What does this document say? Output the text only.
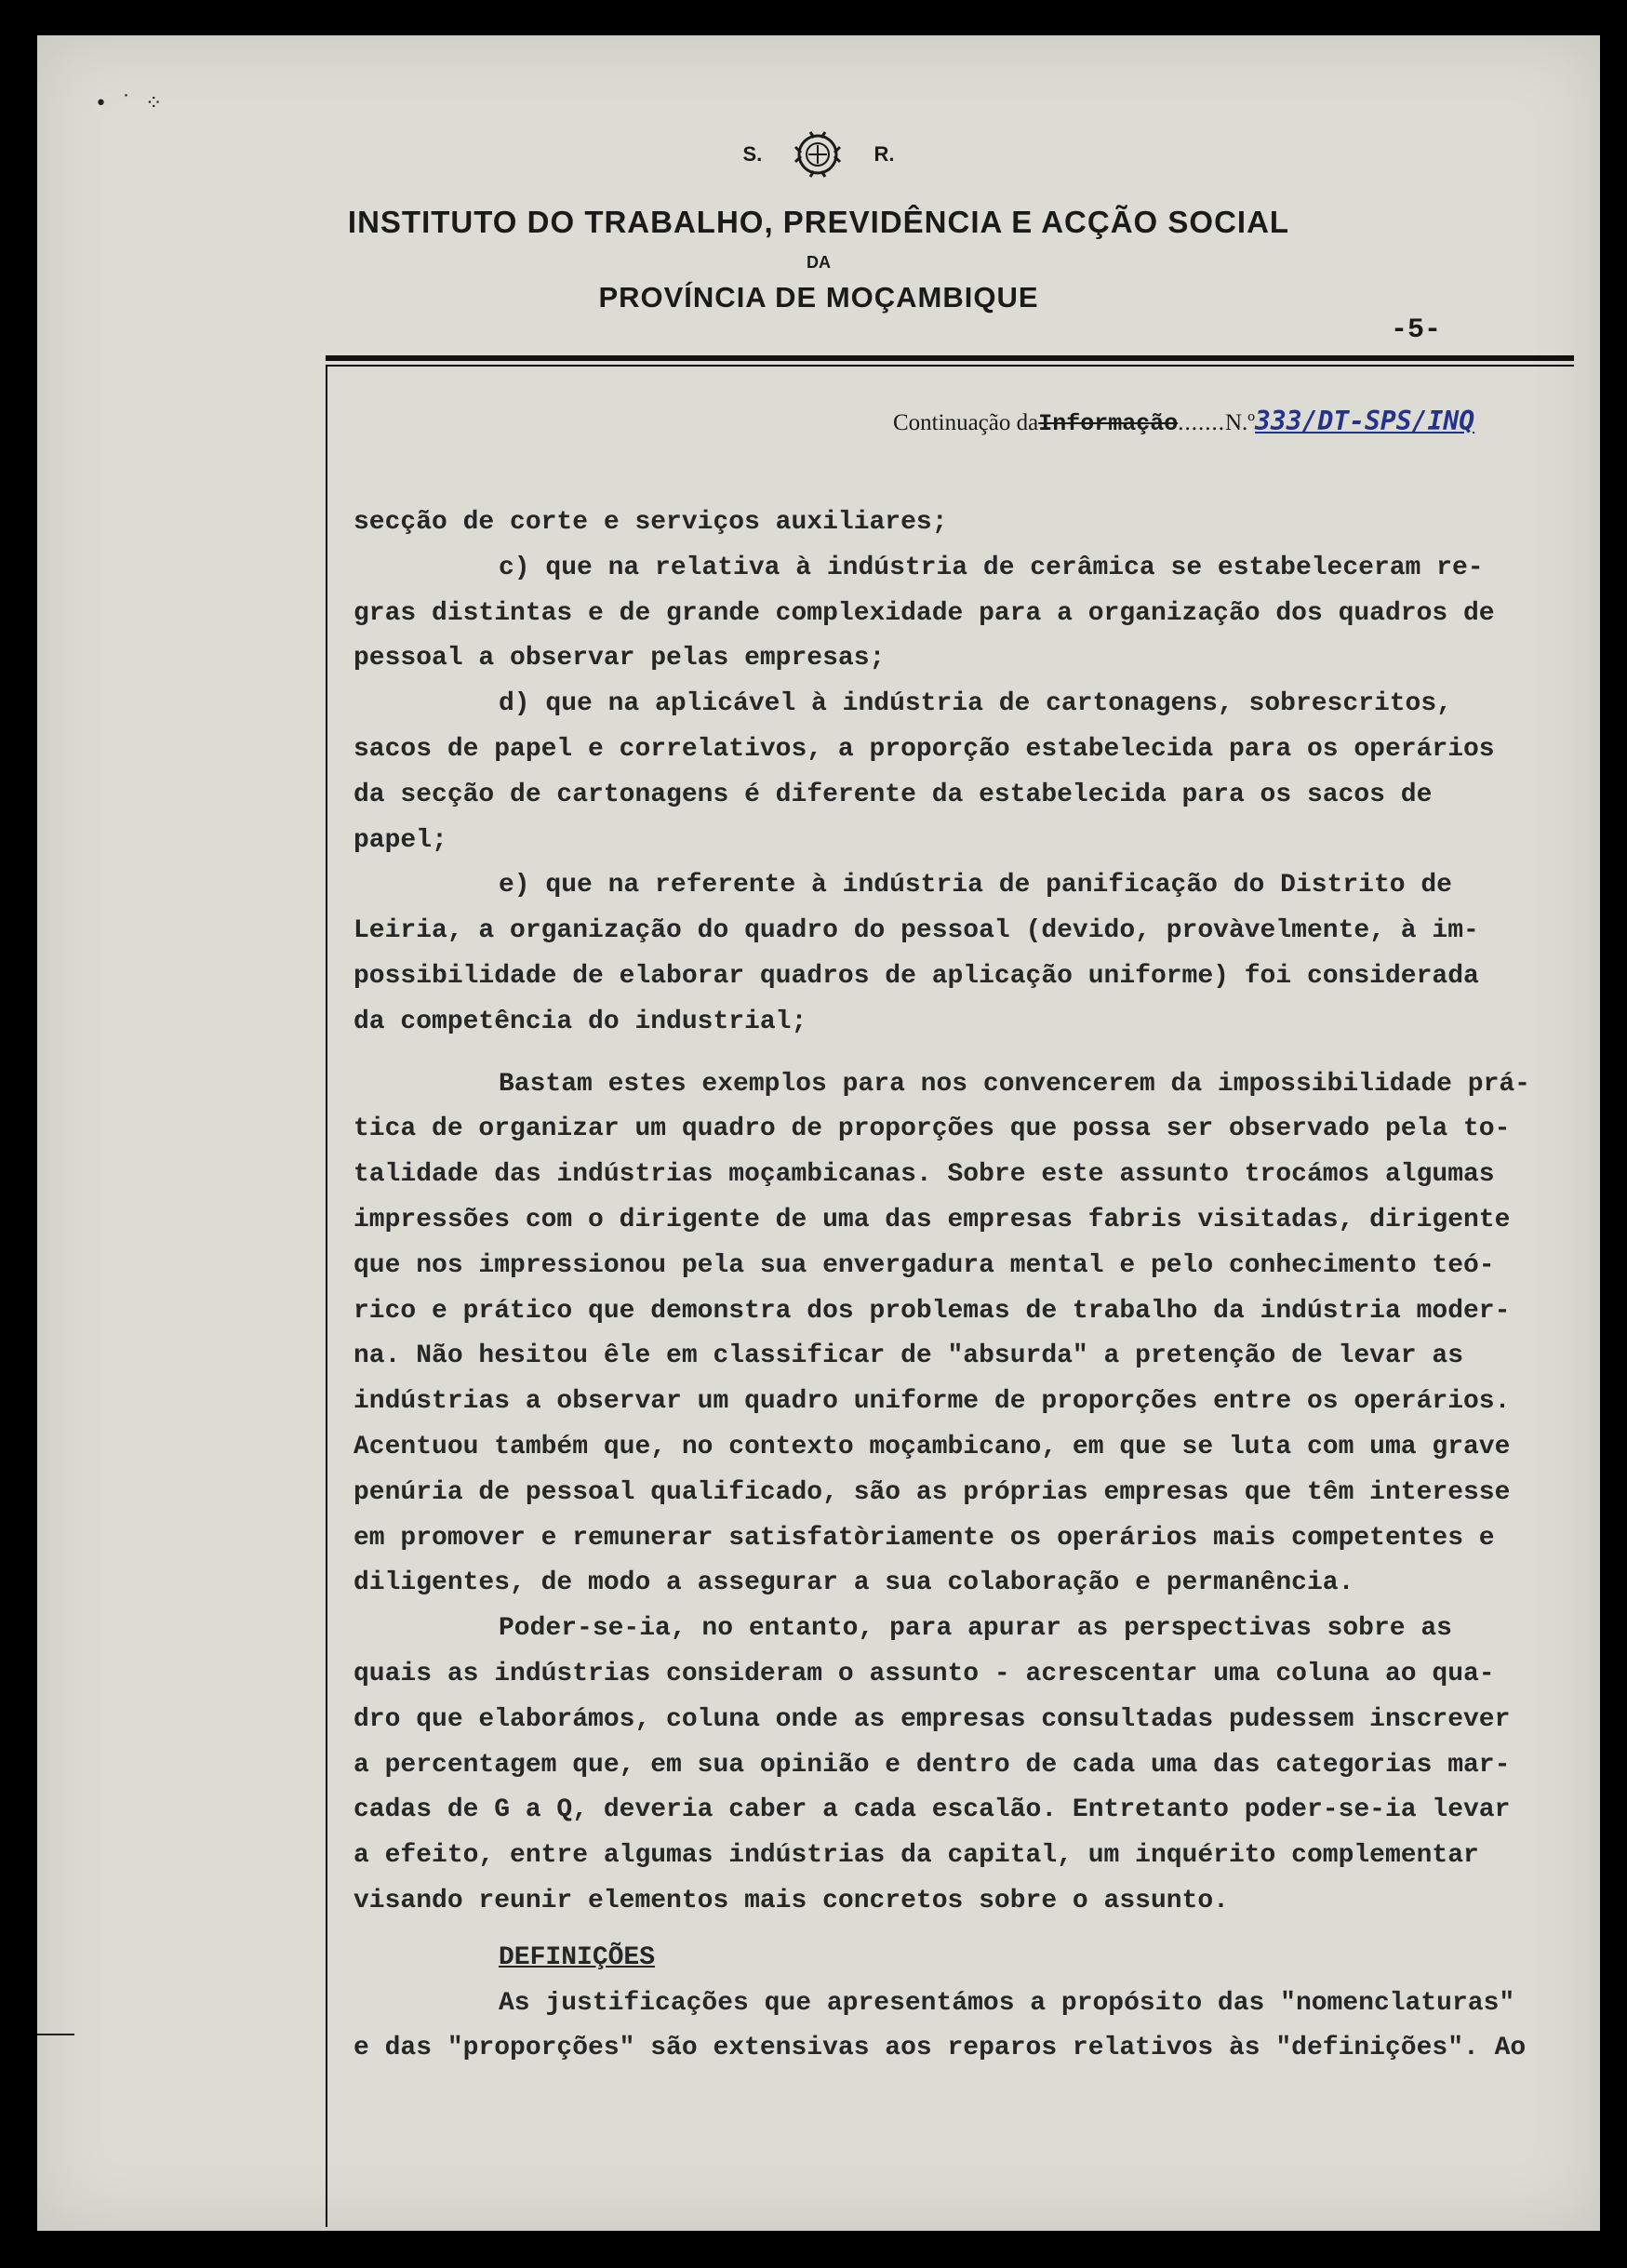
• ˙ ⁘
S.	R.
INSTITUTO DO TRABALHO, PREVIDÊNCIA E ACÇÃO SOCIAL
DA
PROVÍNCIA DE MOÇAMBIQUE
-5-
Continuação daInformação.......N.º333/DT-SPS/INQ

secção de corte e serviços auxiliares;

c) que na relativa à indústria de cerâmica se estabeleceram re-

gras distintas e de grande complexidade para a organização dos quadros de

pessoal a observar pelas empresas;

d) que na aplicável à indústria de cartonagens, sobrescritos,

sacos de papel e correlativos, a proporção estabelecida para os operários

da secção de cartonagens é diferente da estabelecida para os sacos de

papel;

e) que na referente à indústria de panificação do Distrito de

Leiria, a organização do quadro do pessoal (devido, provàvelmente, à im-

possibilidade de elaborar quadros de aplicação uniforme) foi considerada

da competência do industrial;

Bastam estes exemplos para nos convencerem da impossibilidade prá-

tica de organizar um quadro de proporções que possa ser observado pela to-

talidade das indústrias moçambicanas. Sobre este assunto trocámos algumas

impressões com o dirigente de uma das empresas fabris visitadas, dirigente

que nos impressionou pela sua envergadura mental e pelo conhecimento teó-

rico e prático que demonstra dos problemas de trabalho da indústria moder-

na. Não hesitou êle em classificar de "absurda" a pretenção de levar as

indústrias a observar um quadro uniforme de proporções entre os operários.

Acentuou também que, no contexto moçambicano, em que se luta com uma grave

penúria de pessoal qualificado, são as próprias empresas que têm interesse

em promover e remunerar satisfatòriamente os operários mais competentes e

diligentes, de modo a assegurar a sua colaboração e permanência.

Poder-se-ia, no entanto, para apurar as perspectivas sobre as

quais as indústrias consideram o assunto - acrescentar uma coluna ao qua-

dro que elaborámos, coluna onde as empresas consultadas pudessem inscrever

a percentagem que, em sua opinião e dentro de cada uma das categorias mar-

cadas de G a Q, deveria caber a cada escalão. Entretanto poder-se-ia levar

a efeito, entre algumas indústrias da capital, um inquérito complementar

visando reunir elementos mais concretos sobre o assunto.

DEFINIÇÕES

As justificações que apresentámos a propósito das "nomenclaturas"

e das "proporções" são extensivas aos reparos relativos às "definições". Ao
